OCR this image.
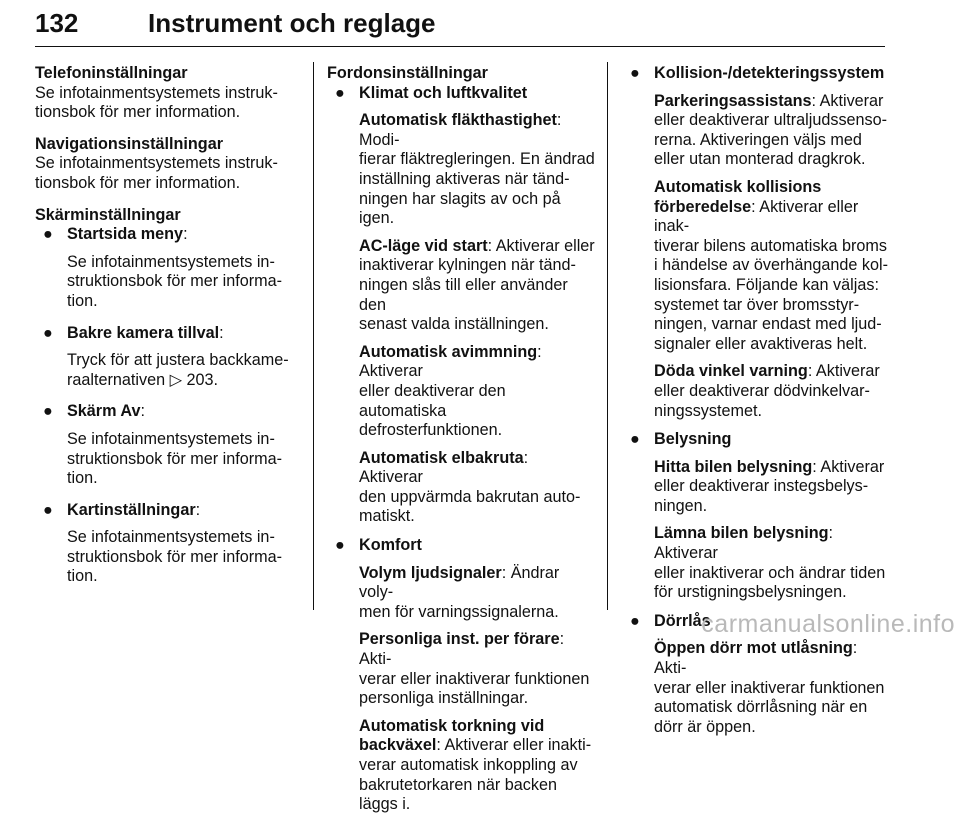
132	Instrument och reglage
Telefoninställningar
Se infotainmentsystemets instruk-
tionsbok för mer information.
Navigationsinställningar
Se infotainmentsystemets instruk-
tionsbok för mer information.
Skärminställningar
● Startsida meny:

Se infotainmentsystemets in-
struktionsbok för mer informa-
tion.

● Bakre kamera tillval:

Tryck för att justera backkame-
raalternativen ▷ 203.

● Skärm Av:

Se infotainmentsystemets in-
struktionsbok för mer informa-
tion.

● Kartinställningar:

Se infotainmentsystemets in-
struktionsbok för mer informa-
tion.

Fordonsinställningar
● Klimat och luftkvalitet

Automatisk fläkthastighet: Modi-
fierar fläktregleringen. En ändrad
inställning aktiveras när tänd-
ningen har slagits av och på igen.

AC-läge vid start: Aktiverar eller
inaktiverar kylningen när tänd-
ningen slås till eller använder den
senast valda inställningen.

Automatisk avimmning: Aktiverar
eller deaktiverar den automatiska
defrosterfunktionen.

Automatisk elbakruta: Aktiverar
den uppvärmda bakrutan auto-
matiskt.

● Komfort

Volym ljudsignaler: Ändrar voly-
men för varningssignalerna.

Personliga inst. per förare: Akti-
verar eller inaktiverar funktionen
personliga inställningar.

Automatisk torkning vid
backväxel: Aktiverar eller inakti-
verar automatisk inkoppling av
bakrutetorkaren när backen
läggs i.

● Kollision-/detekteringssystem

Parkeringsassistans: Aktiverar
eller deaktiverar ultraljudssenso-
rerna. Aktiveringen väljs med
eller utan monterad dragkrok.

Automatisk kollisions
förberedelse: Aktiverar eller inak-
tiverar bilens automatiska broms
i händelse av överhängande kol-
lisionsfara. Följande kan väljas:
systemet tar över bromsstyr-
ningen, varnar endast med ljud-
signaler eller avaktiveras helt.

Döda vinkel varning: Aktiverar
eller deaktiverar dödvinkelvar-
ningssystemet.

● Belysning

Hitta bilen belysning: Aktiverar
eller deaktiverar instegsbelys-
ningen.

Lämna bilen belysning: Aktiverar
eller inaktiverar och ändrar tiden
för urstigningsbelysningen.

● Dörrlås

Öppen dörr mot utlåsning: Akti-
verar eller inaktiverar funktionen
automatisk dörrlåsning när en
dörr är öppen.

carmanualsonline.info
